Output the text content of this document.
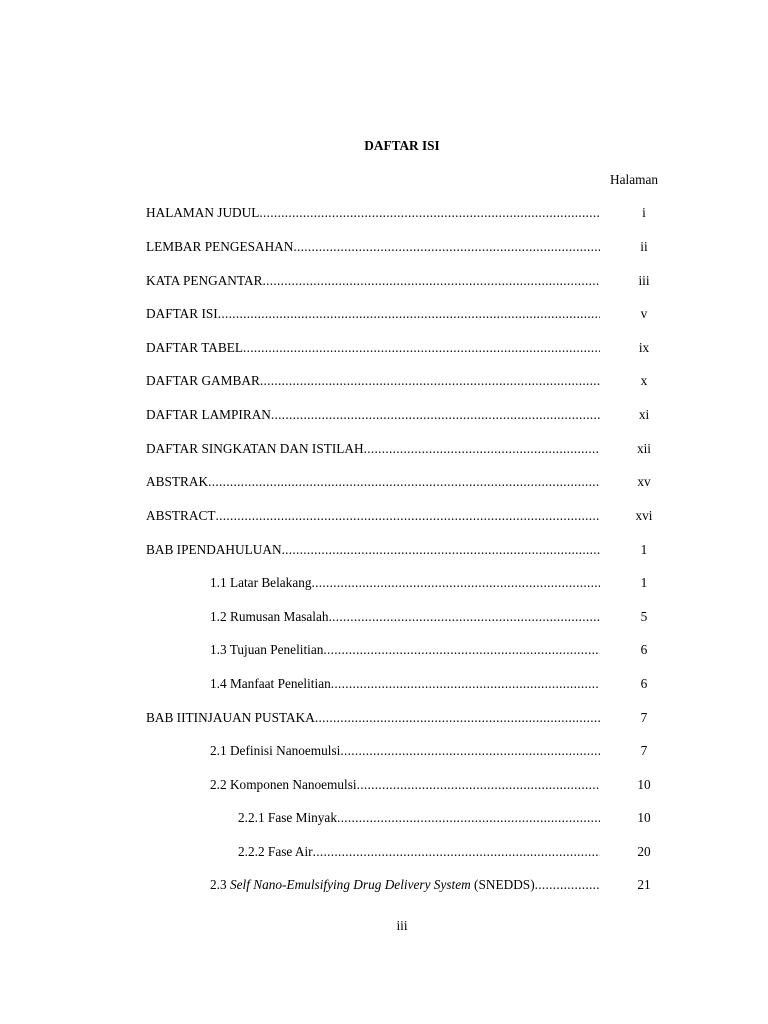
DAFTAR ISI
Halaman
HALAMAN JUDUL .....	i
LEMBAR PENGESAHAN .....	ii
KATA PENGANTAR .....	iii
DAFTAR ISI .....	v
DAFTAR TABEL .....	ix
DAFTAR GAMBAR .....	x
DAFTAR LAMPIRAN .....	xi
DAFTAR SINGKATAN DAN ISTILAH .....	xii
ABSTRAK .....	xv
ABSTRACT .....	xvi
BAB I PENDAHULUAN .....	1
1.1 Latar Belakang .....	1
1.2 Rumusan Masalah .....	5
1.3 Tujuan Penelitian .....	6
1.4 Manfaat Penelitian .....	6
BAB II TINJAUAN PUSTAKA .....	7
2.1 Definisi Nanoemulsi .....	7
2.2 Komponen Nanoemulsi .....	10
2.2.1 Fase Minyak .....	10
2.2.2 Fase Air .....	20
2.3 Self Nano-Emulsifying Drug Delivery System (SNEDDS) .....	21
iii
